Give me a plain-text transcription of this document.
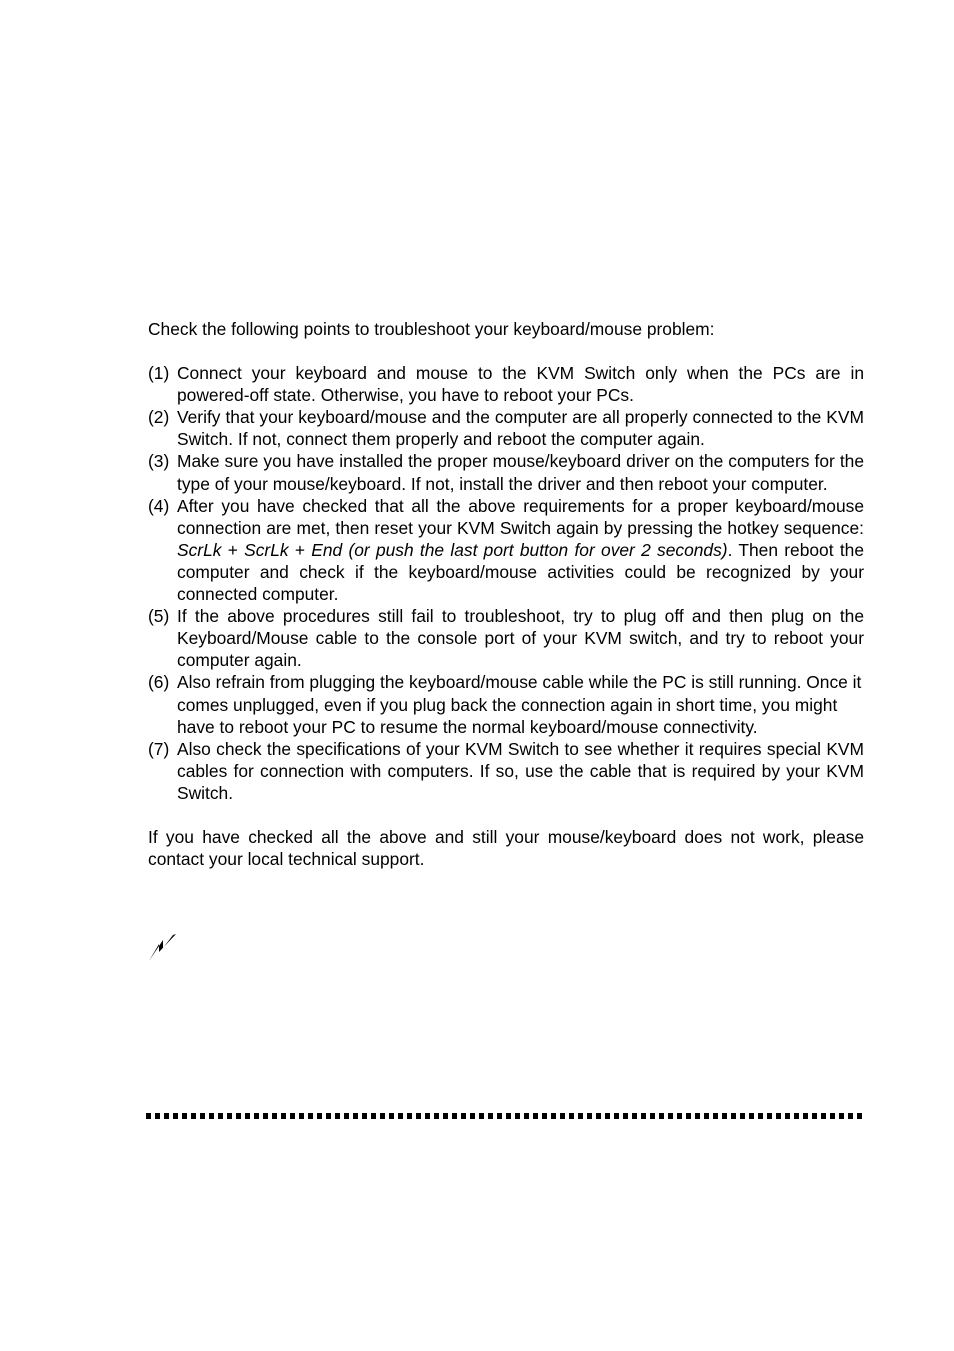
Check the following points to troubleshoot your keyboard/mouse problem:

(1) Connect your keyboard and mouse to the KVM Switch only when the PCs are in powered-off state. Otherwise, you have to reboot your PCs.
(2) Verify that your keyboard/mouse and the computer are all properly connected to the KVM Switch. If not, connect them properly and reboot the computer again.
(3) Make sure you have installed the proper mouse/keyboard driver on the computers for the type of your mouse/keyboard. If not, install the driver and then reboot your computer.
(4) After you have checked that all the above requirements for a proper keyboard/mouse connection are met, then reset your KVM Switch again by pressing the hotkey sequence: ScrLk + ScrLk + End (or push the last port button for over 2 seconds). Then reboot the computer and check if the keyboard/mouse activities could be recognized by your connected computer.
(5) If the above procedures still fail to troubleshoot, try to plug off and then plug on the Keyboard/Mouse cable to the console port of your KVM switch, and try to reboot your computer again.
(6) Also refrain from plugging the keyboard/mouse cable while the PC is still running. Once it comes unplugged, even if you plug back the connection again in short time, you might have to reboot your PC to resume the normal keyboard/mouse connectivity.
(7) Also check the specifications of your KVM Switch to see whether it requires special KVM cables for connection with computers. If so, use the cable that is required by your KVM Switch.

If you have checked all the above and still your mouse/keyboard does not work, please contact your local technical support.
